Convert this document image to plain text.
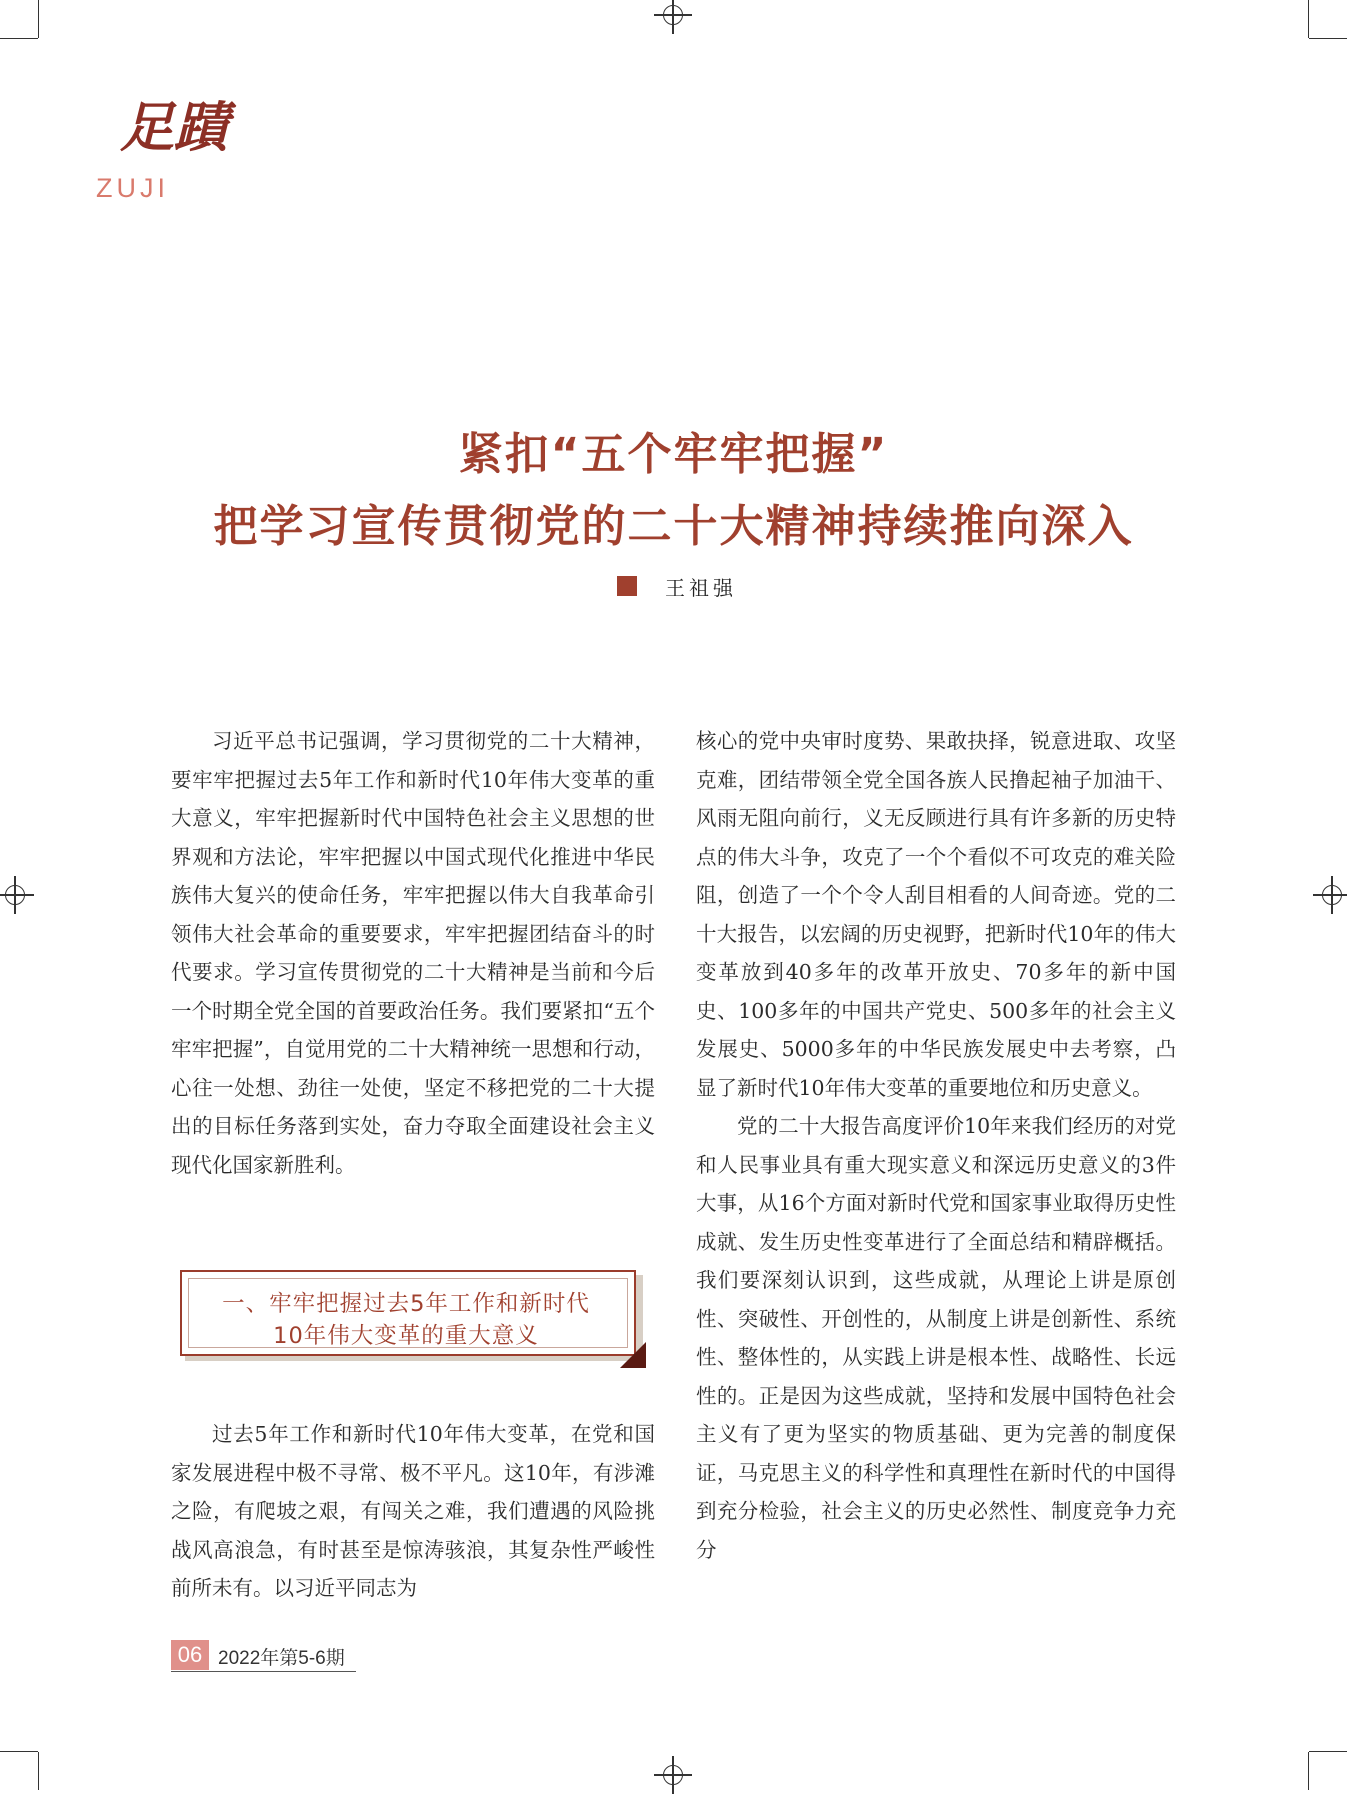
足蹟
ZUJI
紧扣“五个牢牢把握”
把学习宣传贯彻党的二十大精神持续推向深入
王祖强

习近平总书记强调，学习贯彻党的二十大精神，要牢牢把握过去5年工作和新时代10年伟大变革的重大意义，牢牢把握新时代中国特色社会主义思想的世界观和方法论，牢牢把握以中国式现代化推进中华民族伟大复兴的使命任务，牢牢把握以伟大自我革命引领伟大社会革命的重要要求，牢牢把握团结奋斗的时代要求。学习宣传贯彻党的二十大精神是当前和今后一个时期全党全国的首要政治任务。我们要紧扣“五个牢牢把握”，自觉用党的二十大精神统一思想和行动，心往一处想、劲往一处使，坚定不移把党的二十大提出的目标任务落到实处，奋力夺取全面建设社会主义现代化国家新胜利。

一、牢牢把握过去5年工作和新时代
10年伟大变革的重大意义

过去5年工作和新时代10年伟大变革，在党和国家发展进程中极不寻常、极不平凡。这10年，有涉滩之险，有爬坡之艰，有闯关之难，我们遭遇的风险挑战风高浪急，有时甚至是惊涛骇浪，其复杂性严峻性前所未有。以习近平同志为

核心的党中央审时度势、果敢抉择，锐意进取、攻坚克难，团结带领全党全国各族人民撸起袖子加油干、风雨无阻向前行，义无反顾进行具有许多新的历史特点的伟大斗争，攻克了一个个看似不可攻克的难关险阻，创造了一个个令人刮目相看的人间奇迹。党的二十大报告，以宏阔的历史视野，把新时代10年的伟大变革放到40多年的改革开放史、70多年的新中国史、100多年的中国共产党史、500多年的社会主义发展史、5000多年的中华民族发展史中去考察，凸显了新时代10年伟大变革的重要地位和历史意义。

党的二十大报告高度评价10年来我们经历的对党和人民事业具有重大现实意义和深远历史意义的3件大事，从16个方面对新时代党和国家事业取得历史性成就、发生历史性变革进行了全面总结和精辟概括。我们要深刻认识到，这些成就，从理论上讲是原创性、突破性、开创性的，从制度上讲是创新性、系统性、整体性的，从实践上讲是根本性、战略性、长远性的。正是因为这些成就，坚持和发展中国特色社会主义有了更为坚实的物质基础、更为完善的制度保证，马克思主义的科学性和真理性在新时代的中国得到充分检验，社会主义的历史必然性、制度竞争力充分

06 2022年第5-6期
